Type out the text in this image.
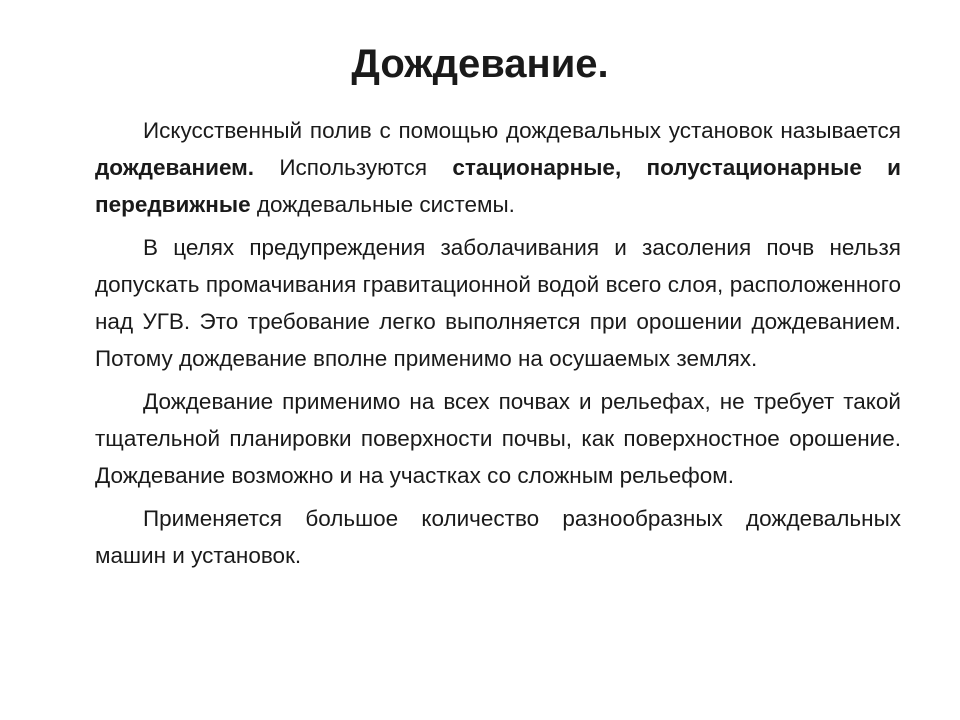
Дождевание.

Искусственный полив с помощью дождевальных установок называется дождеванием. Используются стационарные, полустационарные и передвижные дождевальные системы.

В целях предупреждения заболачивания и засоления почв нельзя допускать промачивания гравитационной водой всего слоя, расположенного над УГВ. Это требование легко выполняется при орошении дождеванием. Потому дождевание вполне применимо на осушаемых землях.

Дождевание применимо на всех почвах и рельефах, не требует такой тщательной планировки поверхности почвы, как поверхностное орошение. Дождевание возможно и на участках со сложным рельефом.

Применяется большое количество разнообразных дождевальных машин и установок.
